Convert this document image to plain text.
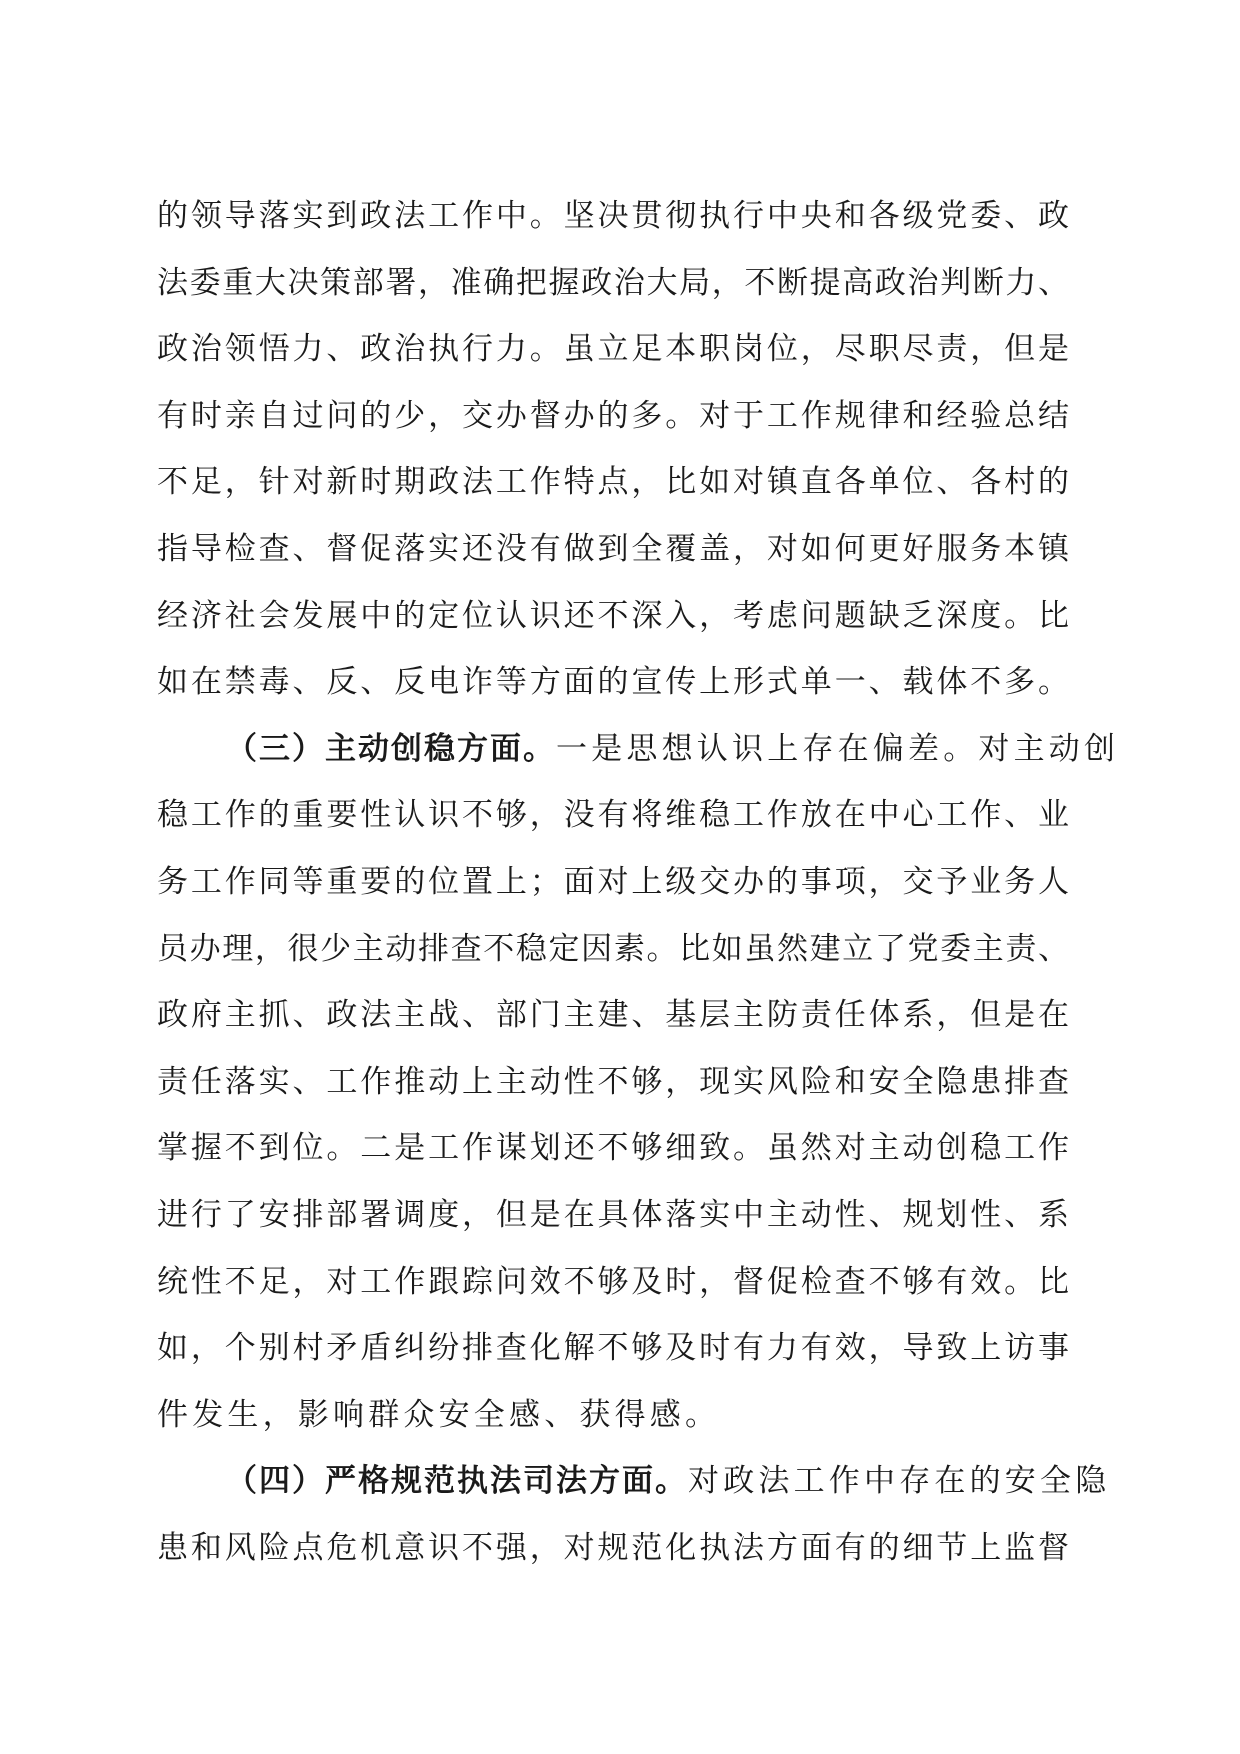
的领导落实到政法工作中。坚决贯彻执行中央和各级党委、政
法委重大决策部署，准确把握政治大局，不断提高政治判断力、
政治领悟力、政治执行力。虽立足本职岗位，尽职尽责，但是
有时亲自过问的少，交办督办的多。对于工作规律和经验总结
不足，针对新时期政法工作特点，比如对镇直各单位、各村的
指导检查、督促落实还没有做到全覆盖，对如何更好服务本镇
经济社会发展中的定位认识还不深入，考虑问题缺乏深度。比
如在禁毒、反、反电诈等方面的宣传上形式单一、载体不多。
（三）主动创稳方面。一是思想认识上存在偏差。对主动创
稳工作的重要性认识不够，没有将维稳工作放在中心工作、业
务工作同等重要的位置上；面对上级交办的事项，交予业务人
员办理，很少主动排查不稳定因素。比如虽然建立了党委主责、
政府主抓、政法主战、部门主建、基层主防责任体系，但是在
责任落实、工作推动上主动性不够，现实风险和安全隐患排查
掌握不到位。二是工作谋划还不够细致。虽然对主动创稳工作
进行了安排部署调度，但是在具体落实中主动性、规划性、系
统性不足，对工作跟踪问效不够及时，督促检查不够有效。比
如，个别村矛盾纠纷排查化解不够及时有力有效，导致上访事
件发生，影响群众安全感、获得感。
（四）严格规范执法司法方面。对政法工作中存在的安全隐
患和风险点危机意识不强，对规范化执法方面有的细节上监督
